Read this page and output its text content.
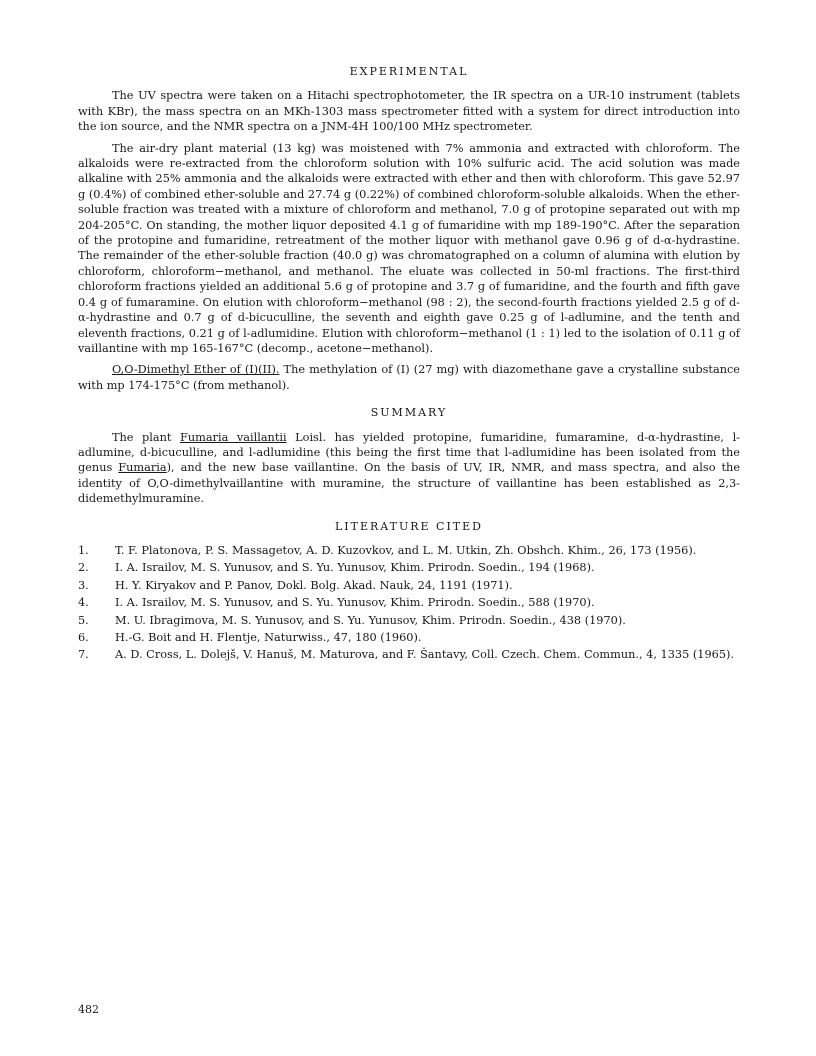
EXPERIMENTAL

The UV spectra were taken on a Hitachi spectrophotometer, the IR spectra on a UR-10 instrument (tablets with KBr), the mass spectra on an MKh-1303 mass spectrometer fitted with a system for direct introduction into the ion source, and the NMR spectra on a JNM-4H 100/100 MHz spectrometer.

The air-dry plant material (13 kg) was moistened with 7% ammonia and extracted with chloroform. The alkaloids were re-extracted from the chloroform solution with 10% sulfuric acid. The acid solution was made alkaline with 25% ammonia and the alkaloids were extracted with ether and then with chloroform. This gave 52.97 g (0.4%) of combined ether-soluble and 27.74 g (0.22%) of combined chloroform-soluble alkaloids. When the ether-soluble fraction was treated with a mixture of chloroform and methanol, 7.0 g of protopine separated out with mp 204-205°C. On standing, the mother liquor deposited 4.1 g of fumaridine with mp 189-190°C. After the separation of the protopine and fumaridine, retreatment of the mother liquor with methanol gave 0.96 g of d-α-hydrastine. The remainder of the ether-soluble fraction (40.0 g) was chromatographed on a column of alumina with elution by chloroform, chloroform−methanol, and methanol. The eluate was collected in 50-ml fractions. The first-third chloroform fractions yielded an additional 5.6 g of protopine and 3.7 g of fumaridine, and the fourth and fifth gave 0.4 g of fumaramine. On elution with chloroform−methanol (98 : 2), the second-fourth fractions yielded 2.5 g of d-α-hydrastine and 0.7 g of d-bicuculline, the seventh and eighth gave 0.25 g of l-adlumine, and the tenth and eleventh fractions, 0.21 g of l-adlumidine. Elution with chloroform−methanol (1 : 1) led to the isolation of 0.11 g of vaillantine with mp 165-167°C (decomp., acetone−methanol).

O,O-Dimethyl Ether of (I)(II). The methylation of (I) (27 mg) with diazomethane gave a crystalline substance with mp 174-175°C (from methanol).

SUMMARY

The plant Fumaria vaillantii Loisl. has yielded protopine, fumaridine, fumaramine, d-α-hydrastine, l-adlumine, d-bicuculline, and l-adlumidine (this being the first time that l-adlumidine has been isolated from the genus Fumaria), and the new base vaillantine. On the basis of UV, IR, NMR, and mass spectra, and also the identity of O,O-dimethylvaillantine with muramine, the structure of vaillantine has been established as 2,3-didemethylmuramine.

LITERATURE CITED
1.	T. F. Platonova, P. S. Massagetov, A. D. Kuzovkov, and L. M. Utkin, Zh. Obshch. Khim., 26, 173 (1956).
2.	I. A. Israilov, M. S. Yunusov, and S. Yu. Yunusov, Khim. Prirodn. Soedin., 194 (1968).
3.	H. Y. Kiryakov and P. Panov, Dokl. Bolg. Akad. Nauk, 24, 1191 (1971).
4.	I. A. Israilov, M. S. Yunusov, and S. Yu. Yunusov, Khim. Prirodn. Soedin., 588 (1970).
5.	M. U. Ibragimova, M. S. Yunusov, and S. Yu. Yunusov, Khim. Prirodn. Soedin., 438 (1970).
6.	H.-G. Boit and H. Flentje, Naturwiss., 47, 180 (1960).
7.	A. D. Cross, L. Dolejš, V. Hanuš, M. Maturova, and F. Šantavy, Coll. Czech. Chem. Commun., 4, 1335 (1965).
482
